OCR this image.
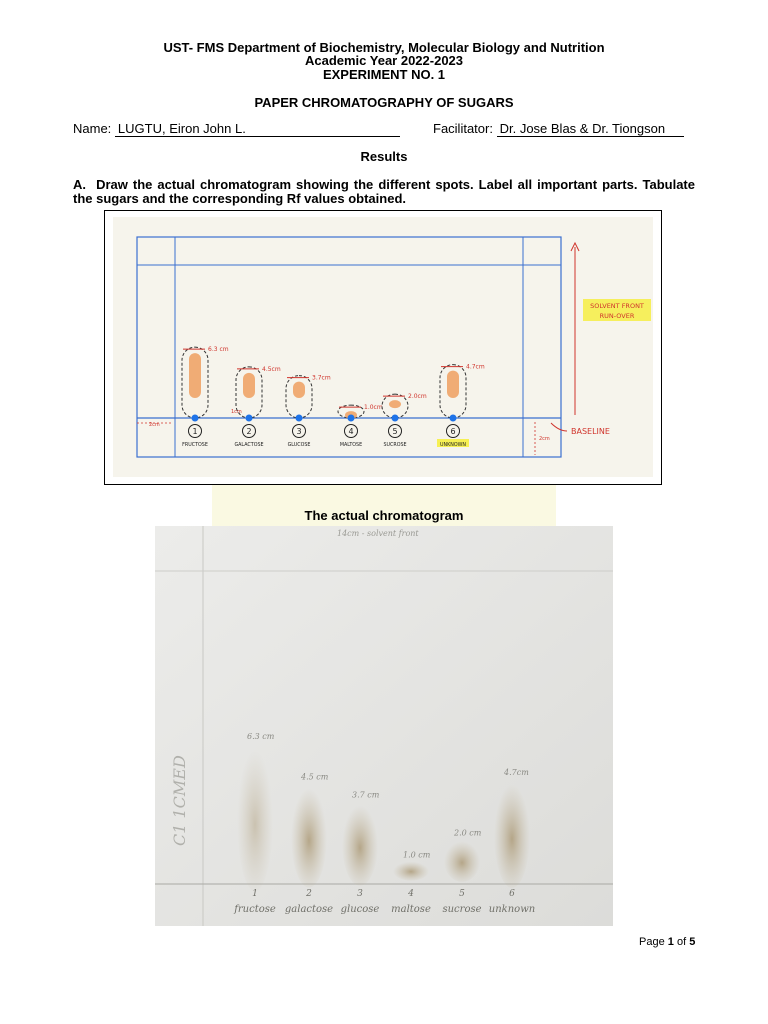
UST- FMS Department of Biochemistry, Molecular Biology and Nutrition
Academic Year 2022-2023
EXPERIMENT NO. 1
PAPER CHROMATOGRAPHY OF SUGARS
Name: LUGTU, Eiron John L.	Facilitator: Dr. Jose Blas & Dr. Tiongson
Results
A. Draw the actual chromatogram showing the different spots. Label all important parts. Tabulate the sugars and the corresponding Rf values obtained.
SOLVENT FRONT
RUN-OVER
BASELINE
2cm
2cm
1cm
6.3 cm
1
FRUCTOSE
4.5cm
2
GALACTOSE
3.7cm
3
GLUCOSE
1.0cm
4
MALTOSE
2.0cm
5
SUCROSE
4.7cm
6
UNKNOWN
The actual chromatogram
14cm - solvent front
C1 1CMED
6.3 cm
1
fructose
4.5 cm
2
galactose
3.7 cm
3
glucose
1.0 cm
4
maltose
2.0 cm
5
sucrose
4.7cm
6
unknown
Page 1 of 5
